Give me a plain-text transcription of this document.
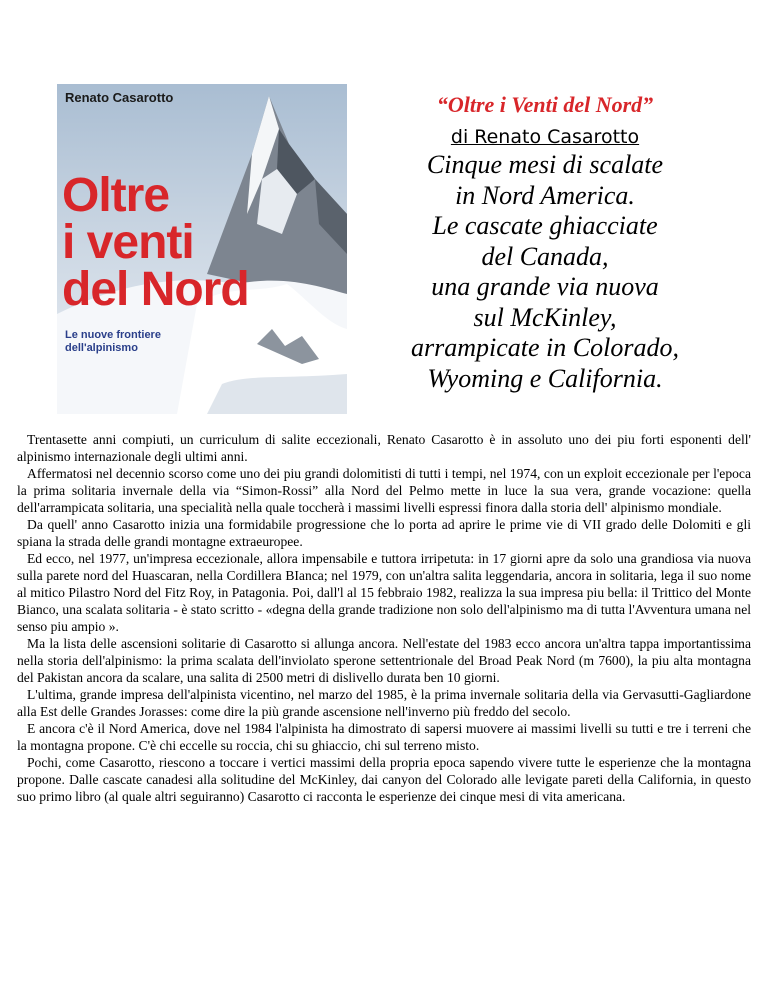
Renato Casarotto
Oltre
i venti
del Nord
Le nuove frontiere
dell'alpinismo
“Oltre i Venti del Nord”
di Renato Casarotto
Cinque mesi di scalate
in Nord America.
Le cascate ghiacciate
del Canada,
una grande via nuova
sul McKinley,
arrampicate in Colorado,
Wyoming e California.

Trentasette anni compiuti, un curriculum di salite eccezionali, Renato Casarotto è in assoluto uno dei piu forti esponenti dell' alpinismo internazionale degli ultimi anni.

Affermatosi nel decennio scorso come uno dei piu grandi dolomitisti di tutti i tempi, nel 1974, con un exploit eccezionale per l'epoca la prima solitaria invernale della via “Simon-Rossi” alla Nord del Pelmo mette in luce la sua vera, grande vocazione: quella dell'arrampicata solitaria, una specialità nella quale toccherà i massimi livelli espressi finora dalla storia dell' alpinismo mondiale.

Da quell' anno Casarotto inizia una formidabile progressione che lo porta ad aprire le prime vie di VII grado delle Dolomiti e gli spiana la strada delle grandi montagne extraeuropee.

Ed ecco, nel 1977, un'impresa eccezionale, allora impensabile e tuttora irripetuta: in 17 giorni apre da solo una grandiosa via nuova sulla parete nord del Huascaran, nella Cordillera BIanca; nel 1979, con un'altra salita leggendaria, ancora in solitaria, lega il suo nome al mitico Pilastro Nord del Fitz Roy, in Patagonia. Poi, dall'l al 15 febbraio 1982, realizza la sua impresa piu bella: il Trittico del Monte Bianco, una scalata solitaria - è stato scritto - «degna della grande tradizione non solo dell'alpinismo ma di tutta l'Avventura umana nel senso piu ampio ».

Ma la lista delle ascensioni solitarie di Casarotto si allunga ancora. Nell'estate del 1983 ecco ancora un'altra tappa importantissima nella storia dell'alpinismo: la prima scalata dell'inviolato sperone settentrionale del Broad Peak Nord (m 7600), la piu alta montagna del Pakistan ancora da scalare, una salita di 2500 metri di dislivello durata ben 10 giorni.

L'ultima, grande impresa dell'alpinista vicentino, nel marzo del 1985, è la prima invernale solitaria della via Gervasutti-Gagliardone alla Est delle Grandes Jorasses: come dire la più grande ascensione nell'inverno più freddo del secolo.

E ancora c'è il Nord America, dove nel 1984 l'alpinista ha dimostrato di sapersi muovere ai massimi livelli su tutti e tre i terreni che la montagna propone. C'è chi eccelle su roccia, chi su ghiaccio, chi sul terreno misto.

Pochi, come Casarotto, riescono a toccare i vertici massimi della propria epoca sapendo vivere tutte le esperienze che la montagna propone. Dalle cascate canadesi alla solitudine del McKinley, dai canyon del Colorado alle levigate pareti della California, in questo suo primo libro (al quale altri seguiranno) Casarotto ci racconta le esperienze dei cinque mesi di vita americana.
